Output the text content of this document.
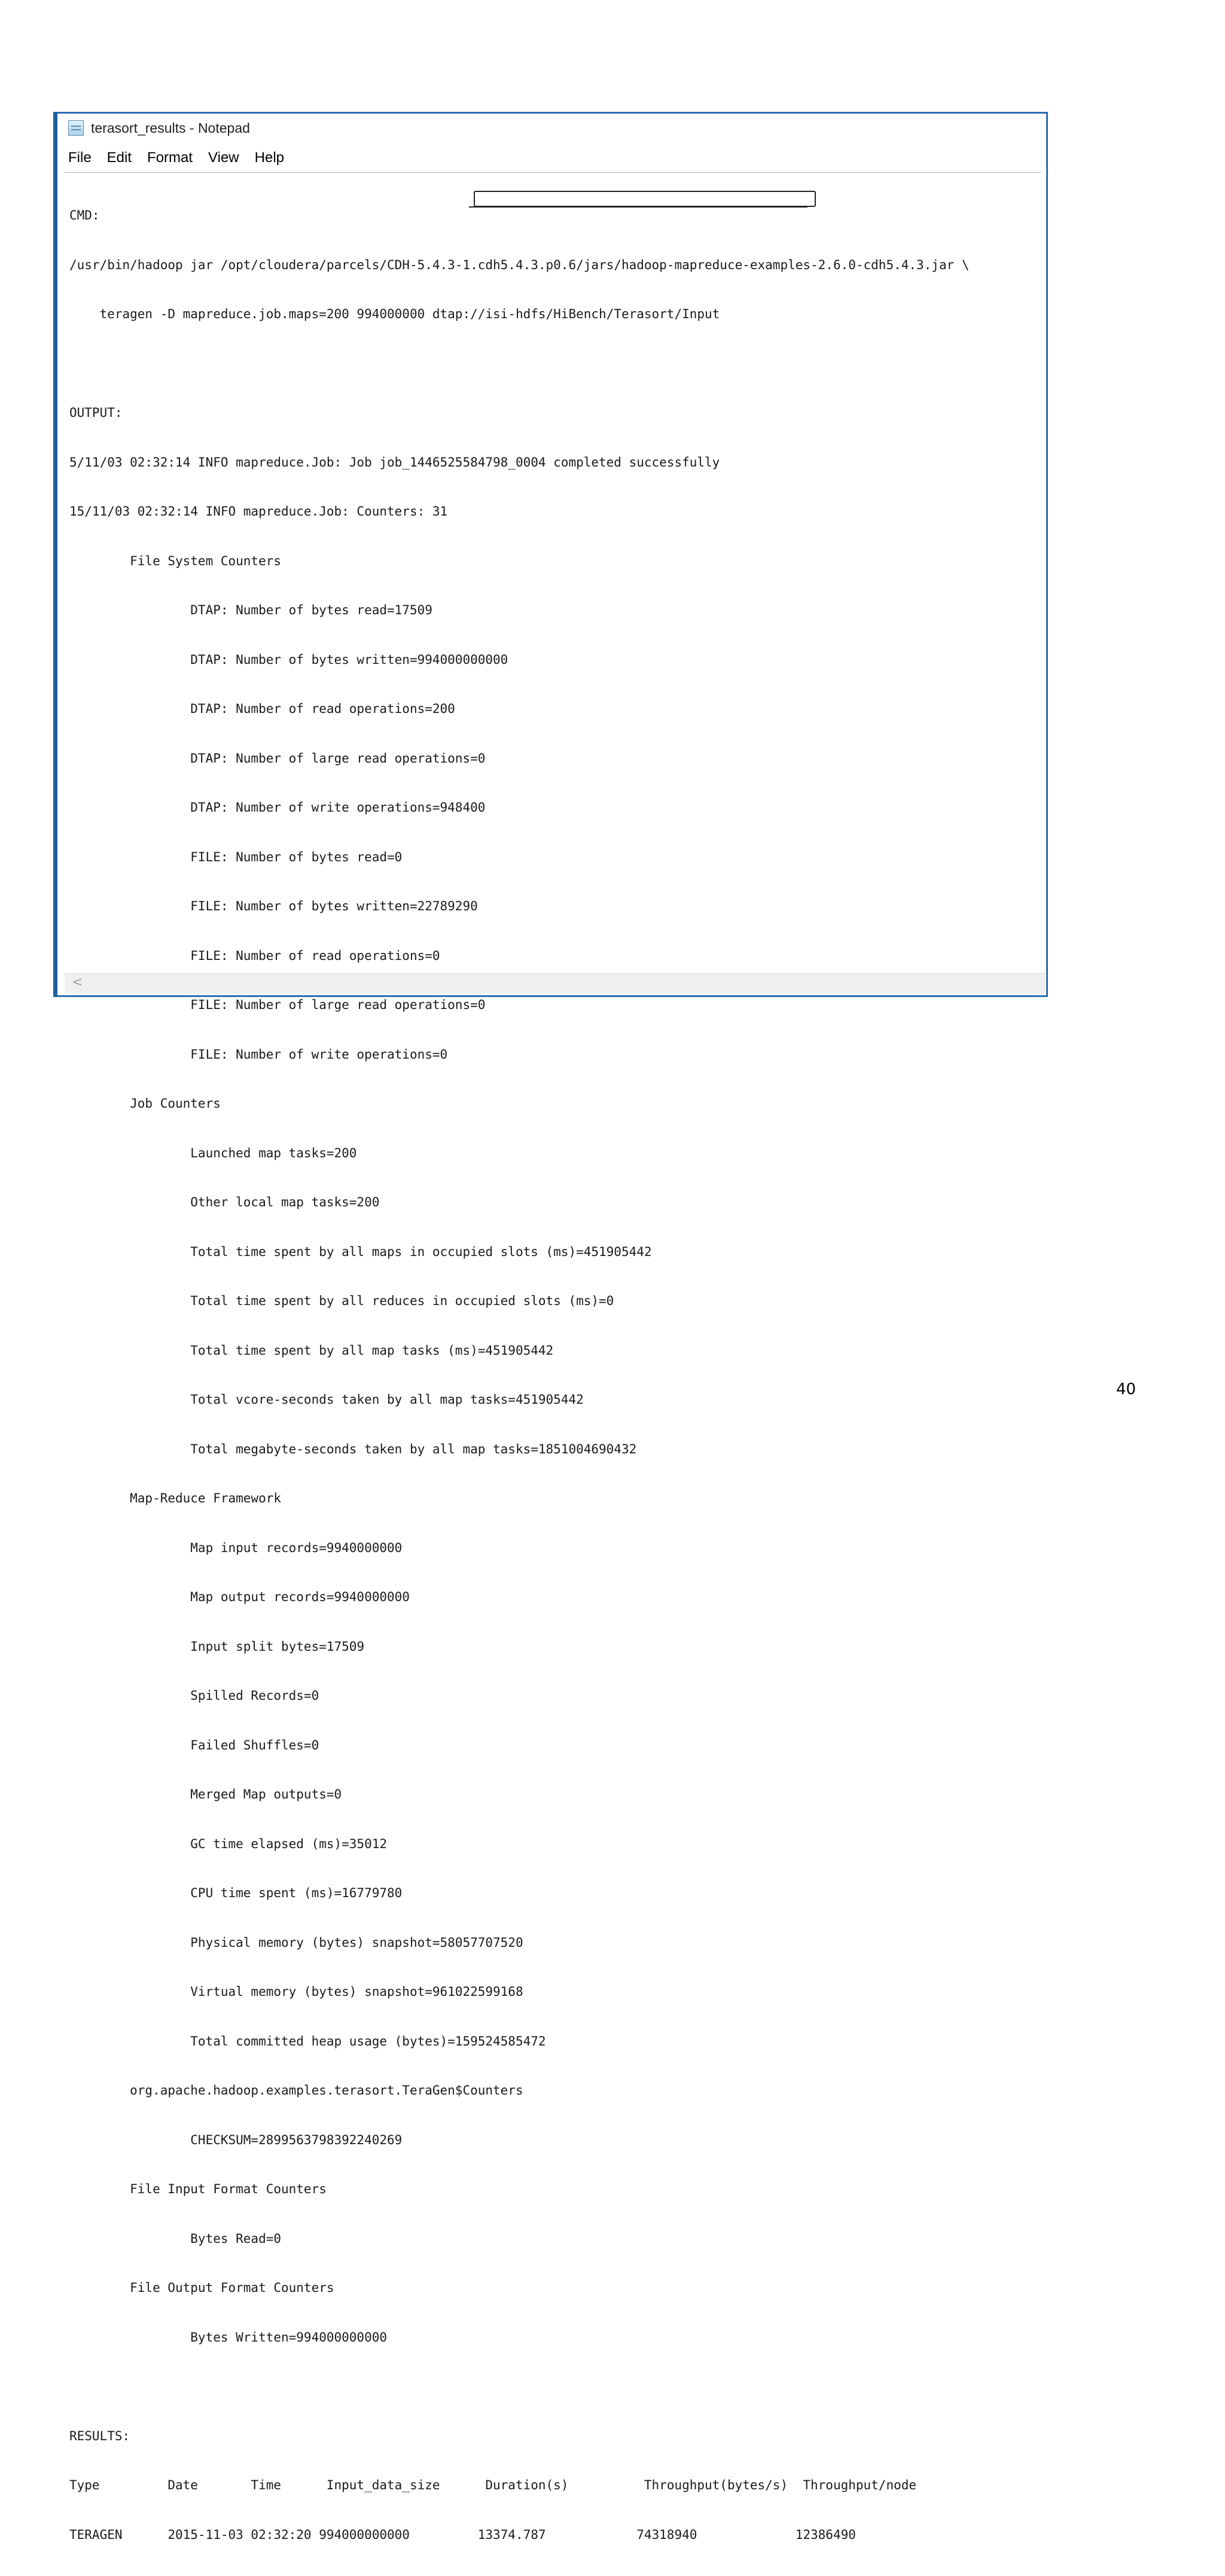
terasort_results - Notepad
File	Edit	Format	View	Help

CMD:

/usr/bin/hadoop jar /opt/cloudera/parcels/CDH-5.4.3-1.cdh5.4.3.p0.6/jars/hadoop-mapreduce-examples-2.6.0-cdh5.4.3.jar \

teragen -D mapreduce.job.maps=200 994000000 dtap://isi-hdfs/HiBench/Terasort/Input

OUTPUT:

5/11/03 02:32:14 INFO mapreduce.Job: Job job_1446525584798_0004 completed successfully

15/11/03 02:32:14 INFO mapreduce.Job: Counters: 31

File System Counters

DTAP: Number of bytes read=17509

DTAP: Number of bytes written=994000000000

DTAP: Number of read operations=200

DTAP: Number of large read operations=0

DTAP: Number of write operations=948400

FILE: Number of bytes read=0

FILE: Number of bytes written=22789290

FILE: Number of read operations=0

FILE: Number of large read operations=0

FILE: Number of write operations=0

Job Counters

Launched map tasks=200

Other local map tasks=200

Total time spent by all maps in occupied slots (ms)=451905442

Total time spent by all reduces in occupied slots (ms)=0

Total time spent by all map tasks (ms)=451905442

Total vcore-seconds taken by all map tasks=451905442

Total megabyte-seconds taken by all map tasks=1851004690432

Map-Reduce Framework

Map input records=9940000000

Map output records=9940000000

Input split bytes=17509

Spilled Records=0

Failed Shuffles=0

Merged Map outputs=0

GC time elapsed (ms)=35012

CPU time spent (ms)=16779780

Physical memory (bytes) snapshot=58057707520

Virtual memory (bytes) snapshot=961022599168

Total committed heap usage (bytes)=159524585472

org.apache.hadoop.examples.terasort.TeraGen$Counters

CHECKSUM=2899563798392240269

File Input Format Counters

Bytes Read=0

File Output Format Counters

Bytes Written=994000000000

RESULTS:

Type         Date       Time      Input_data_size      Duration(s)          Throughput(bytes/s)  Throughput/node

TERAGEN      2015-11-03 02:32:20 994000000000         13374.787            74318940             12386490

<
40
